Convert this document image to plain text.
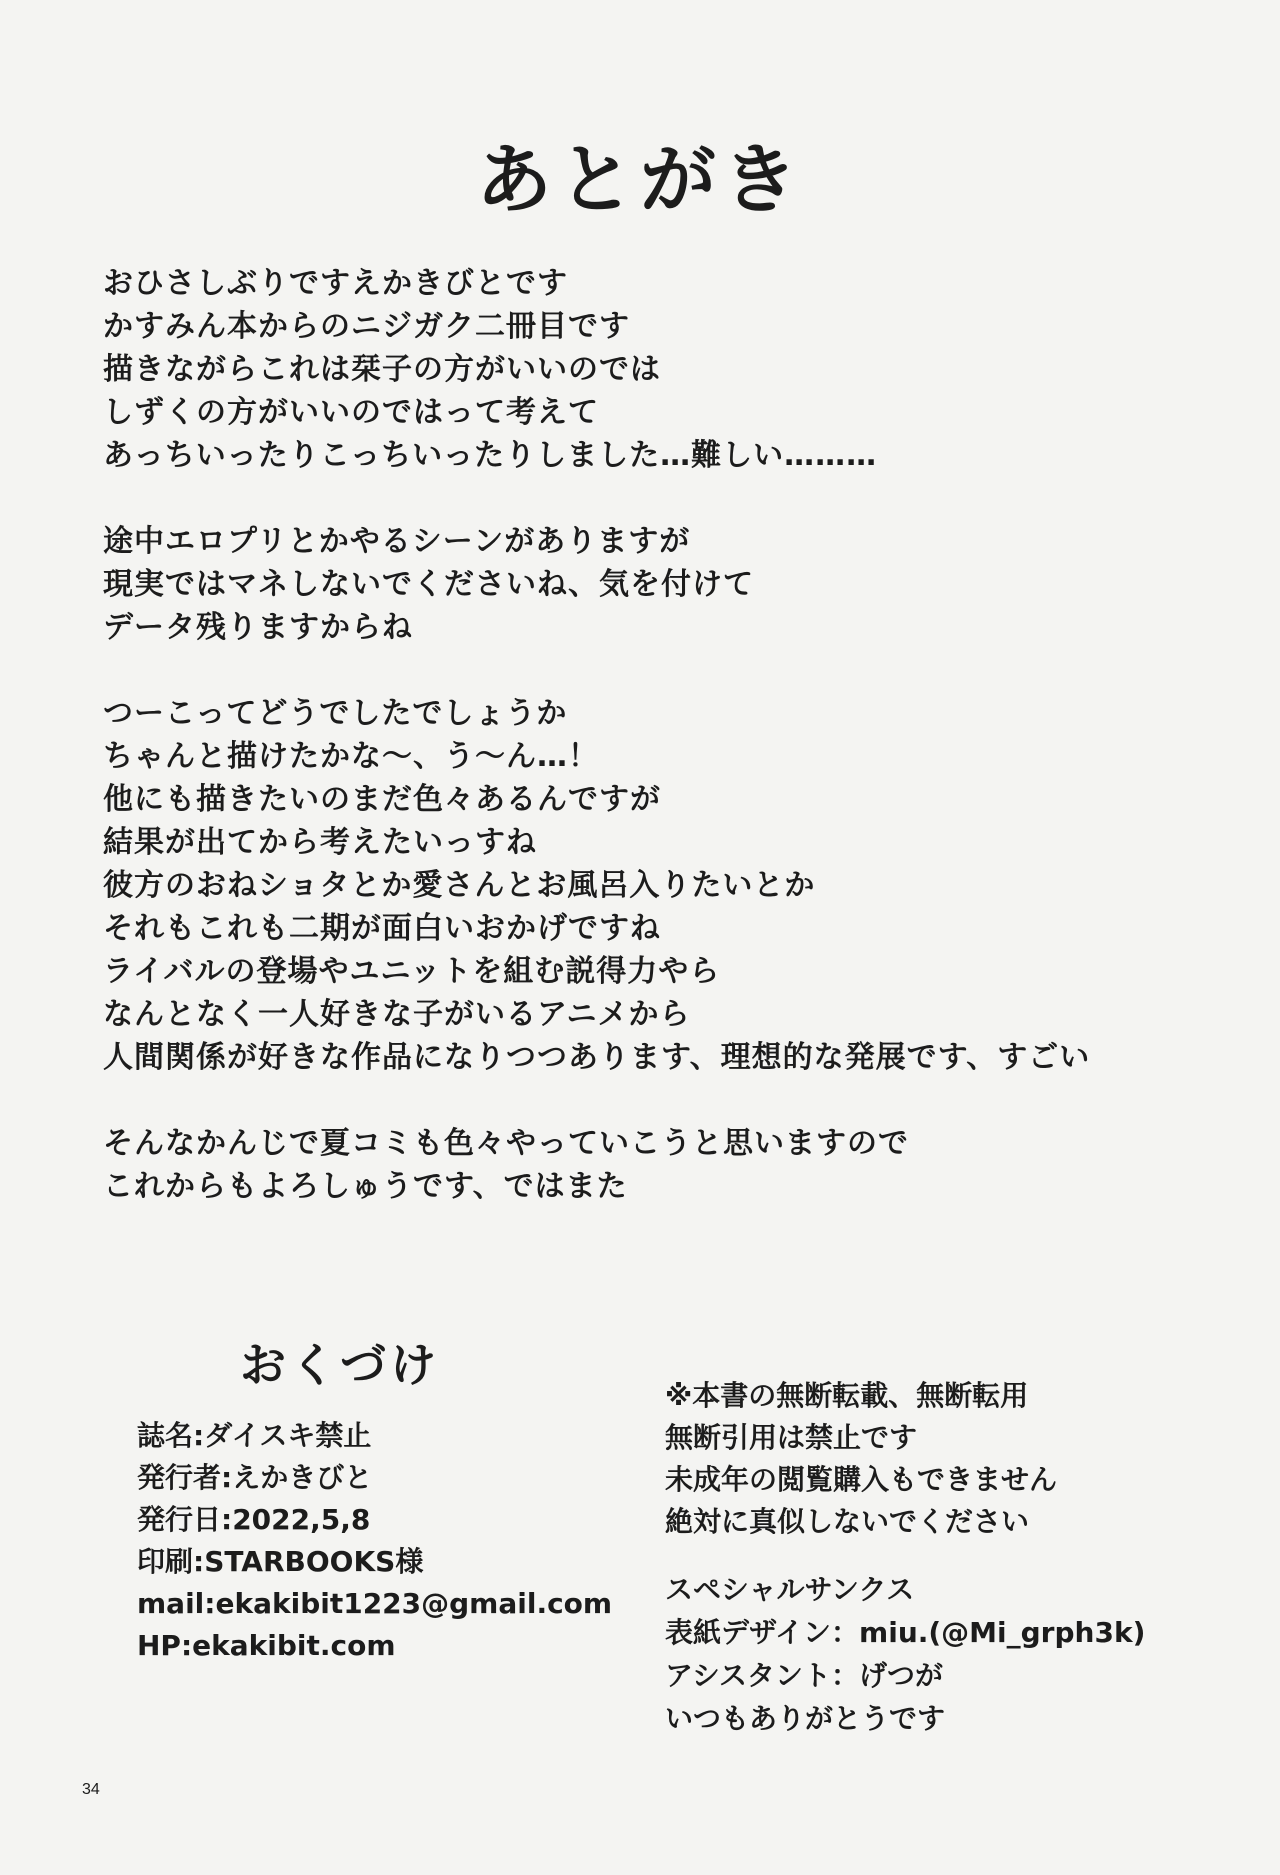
あとがき
おひさしぶりですえかきびとです
かすみん本からのニジガク二冊目です
描きながらこれは栞子の方がいいのでは
しずくの方がいいのではって考えて
あっちいったりこっちいったりしました…難しい………
途中エロプリとかやるシーンがありますが
現実ではマネしないでくださいね、気を付けて
データ残りますからね
つーこってどうでしたでしょうか
ちゃんと描けたかな〜、う〜ん…！
他にも描きたいのまだ色々あるんですが
結果が出てから考えたいっすね
彼方のおねショタとか愛さんとお風呂入りたいとか
それもこれも二期が面白いおかげですね
ライバルの登場やユニットを組む説得力やら
なんとなく一人好きな子がいるアニメから
人間関係が好きな作品になりつつあります、理想的な発展です、すごい
そんなかんじで夏コミも色々やっていこうと思いますので
これからもよろしゅうです、ではまた
おくづけ
誌名:ダイスキ禁止
発行者:えかきびと
発行日:2022,5,8
印刷:STARBOOKS様
mail:ekakibit1223@gmail.com
HP:ekakibit.com
※本書の無断転載、無断転用
無断引用は禁止です
未成年の閲覧購入もできません
絶対に真似しないでください
スペシャルサンクス
表紙デザイン：miu.(@Mi_grph3k)
アシスタント：げつが
いつもありがとうです
34
